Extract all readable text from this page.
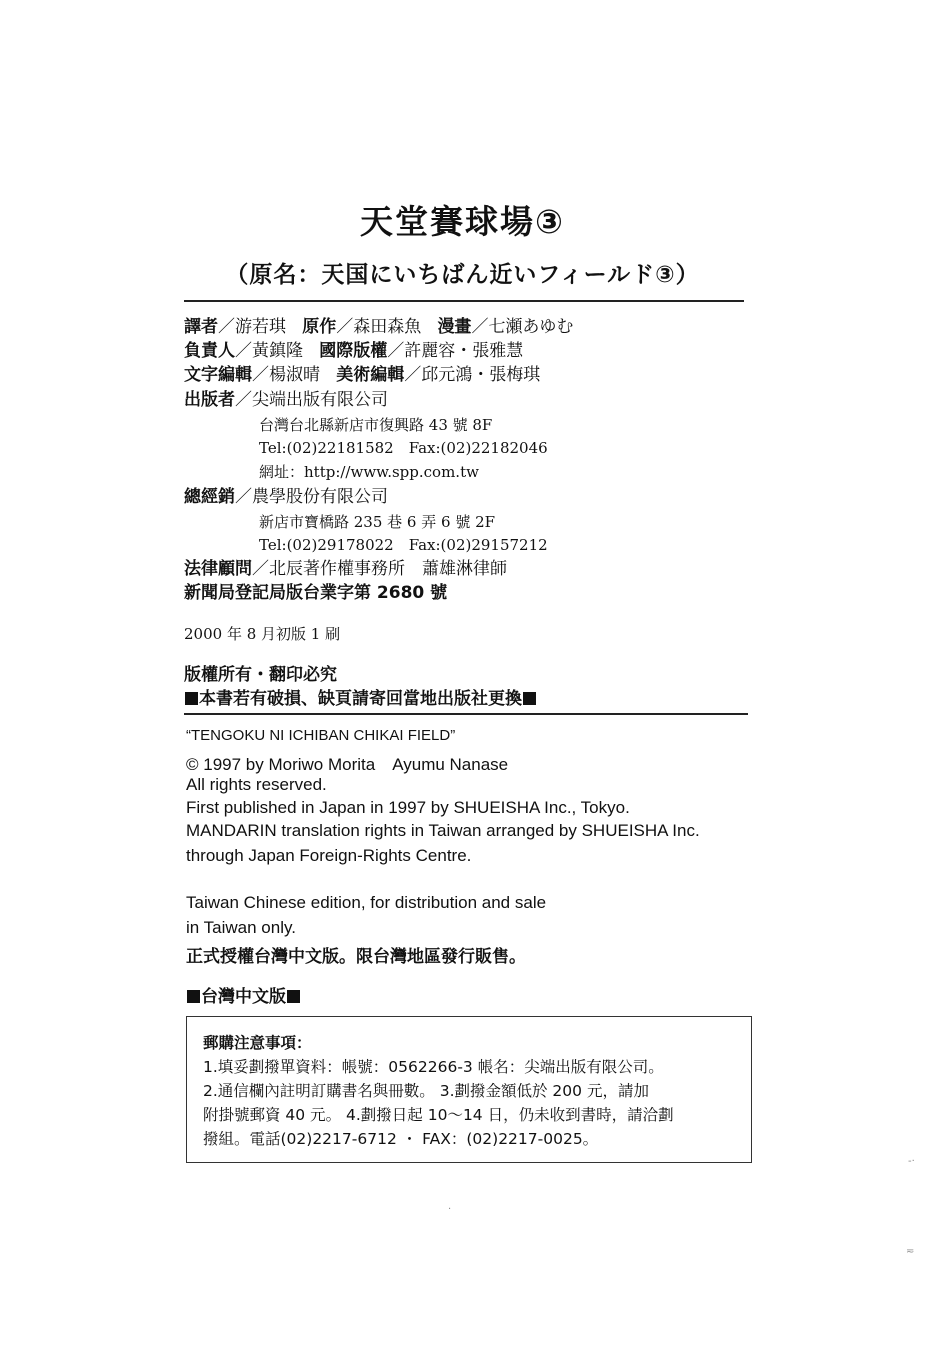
天堂賽球場③
（原名：天国にいちばん近いフィールド③）
譯者／游若琪 原作／森田森魚 漫畫／七瀬あゆむ
負責人／黃鎮隆 國際版權／許麗容・張雅慧
文字編輯／楊淑晴 美術編輯／邱元鴻・張梅琪
出版者／尖端出版有限公司
台灣台北縣新店市復興路 43 號 8F
Tel:(02)22181582　Fax:(02)22182046
網址：http://www.spp.com.tw
總經銷／農學股份有限公司
新店市寶橋路 235 巷 6 弄 6 號 2F
Tel:(02)29178022　Fax:(02)29157212
法律顧問／北辰著作權事務所　蕭雄淋律師
新聞局登記局版台業字第 2680 號
2000 年 8 月初版 1 刷
版權所有・翻印必究
本書若有破損、缺頁請寄回當地出版社更換
“TENGOKU NI ICHIBAN CHIKAI FIELD”
© 1997 by Moriwo Morita　Ayumu Nanase
All rights reserved.
First published in Japan in 1997 by SHUEISHA Inc., Tokyo.
MANDARIN translation rights in Taiwan arranged by SHUEISHA Inc.
through Japan Foreign-Rights Centre.
Taiwan Chinese edition, for distribution and sale
in Taiwan only.
正式授權台灣中文版。限台灣地區發行販售。
台灣中文版
郵購注意事項：
1.填妥劃撥單資料：帳號：0562266-3 帳名：尖端出版有限公司。
2.通信欄內註明訂購書名與冊數。 3.劃撥金額低於 200 元，請加
附掛號郵資 40 元。 4.劃撥日起 10～14 日，仍未收到書時，請洽劃
撥組。電話(02)2217-6712 ・ FAX：(02)2217-0025。
-·
≂
·
